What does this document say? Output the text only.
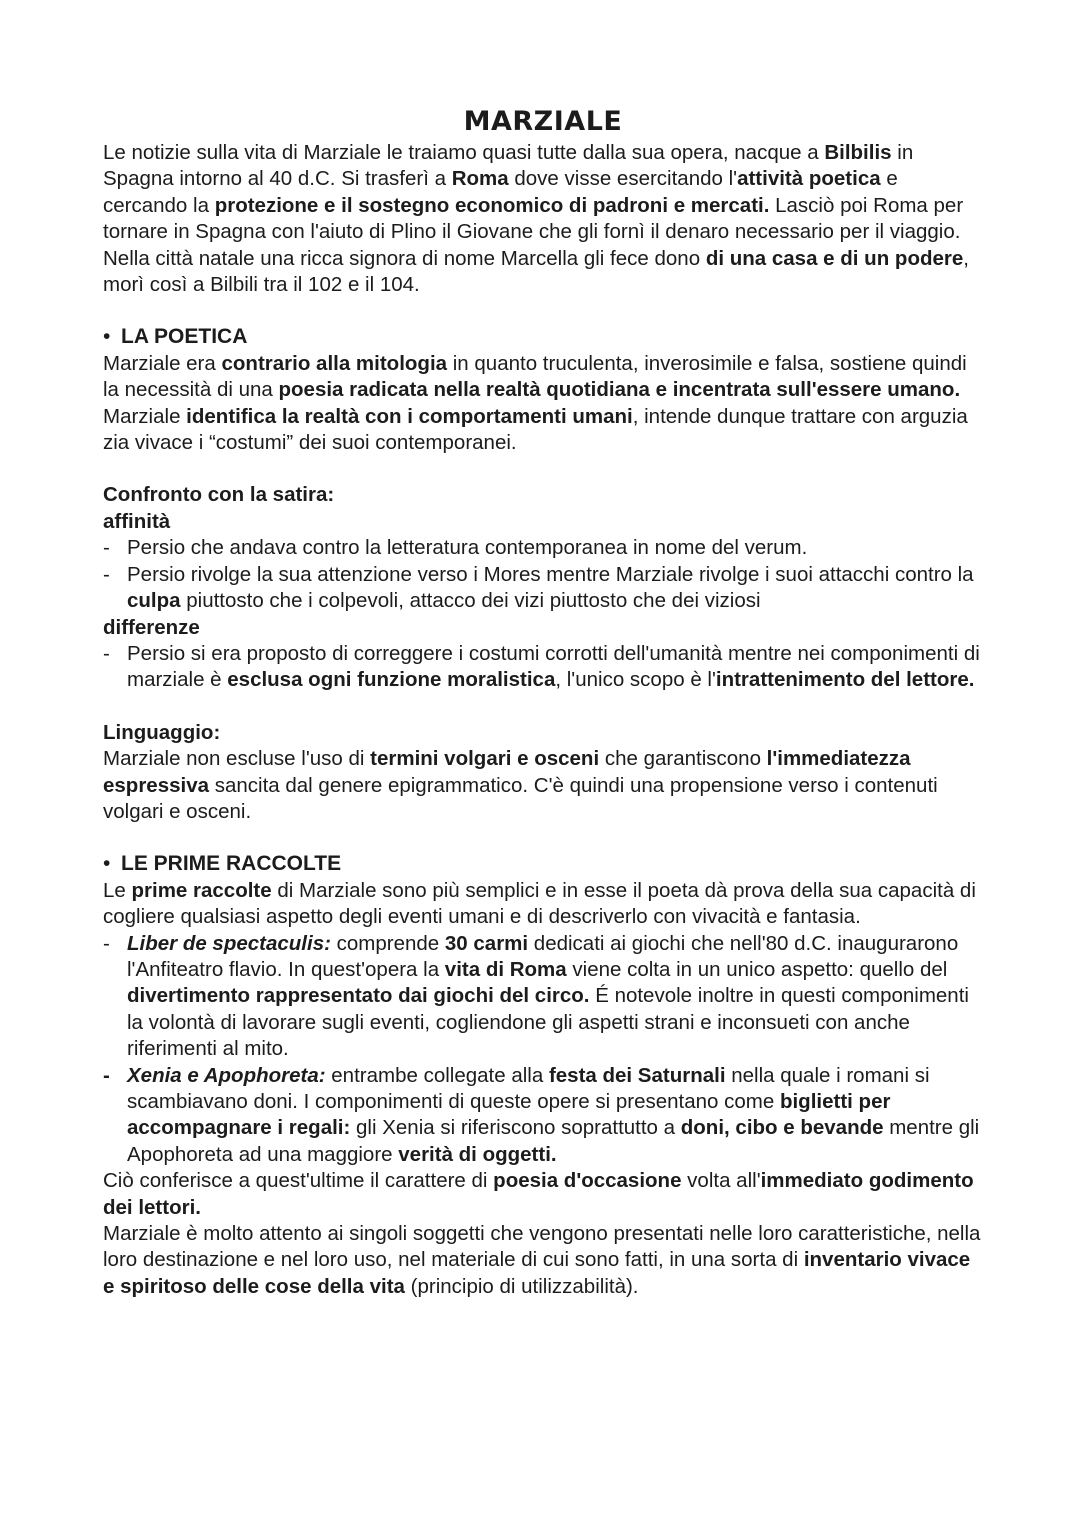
MARZIALE

Le notizie sulla vita di Marziale le traiamo quasi tutte dalla sua opera, nacque a Bilbilis in Spagna intorno al 40 d.C. Si trasferì a Roma dove visse esercitando l'attività poetica e cercando la protezione e il sostegno economico di padroni e mercati. Lasciò poi Roma per tornare in Spagna con l'aiuto di Plino il Giovane che gli fornì il denaro necessario per il viaggio. Nella città natale una ricca signora di nome Marcella gli fece dono di una casa e di un podere, morì così a Bilbili tra il 102 e il 104.

• LA POETICA

Marziale era contrario alla mitologia in quanto truculenta, inverosimile e falsa, sostiene quindi la necessità di una poesia radicata nella realtà quotidiana e incentrata sull'essere umano. Marziale identifica la realtà con i comportamenti umani, intende dunque trattare con arguzia zia vivace i “costumi” dei suoi contemporanei.

Confronto con la satira:
affinità
- Persio che andava contro la letteratura contemporanea in nome del verum.
- Persio rivolge la sua attenzione verso i Mores mentre Marziale rivolge i suoi attacchi contro la culpa piuttosto che i colpevoli, attacco dei vizi piuttosto che dei viziosi
differenze
- Persio si era proposto di correggere i costumi corrotti dell'umanità mentre nei componimenti di marziale è esclusa ogni funzione moralistica, l'unico scopo è l'intrattenimento del lettore.
Linguaggio:

Marziale non escluse l'uso di termini volgari e osceni che garantiscono l'immediatezza espressiva sancita dal genere epigrammatico. C'è quindi una propensione verso i contenuti volgari e osceni.

• LE PRIME RACCOLTE

Le prime raccolte di Marziale sono più semplici e in esse il poeta dà prova della sua capacità di cogliere qualsiasi aspetto degli eventi umani e di descriverlo con vivacità e fantasia.

- Liber de spectaculis: comprende 30 carmi dedicati ai giochi che nell'80 d.C. inaugurarono l'Anfiteatro flavio. In quest'opera la vita di Roma viene colta in un unico aspetto: quello del divertimento rappresentato dai giochi del circo. É notevole inoltre in questi componimenti la volontà di lavorare sugli eventi, cogliendone gli aspetti strani e inconsueti con anche riferimenti al mito.
- Xenia e Apophoreta: entrambe collegate alla festa dei Saturnali nella quale i romani si scambiavano doni. I componimenti di queste opere si presentano come biglietti per accompagnare i regali: gli Xenia si riferiscono soprattutto a doni, cibo e bevande mentre gli Apophoreta ad una maggiore verità di oggetti.

Ciò conferisce a quest'ultime il carattere di poesia d'occasione volta all'immediato godimento dei lettori.

Marziale è molto attento ai singoli soggetti che vengono presentati nelle loro caratteristiche, nella loro destinazione e nel loro uso, nel materiale di cui sono fatti, in una sorta di inventario vivace e spiritoso delle cose della vita (principio di utilizzabilità).
